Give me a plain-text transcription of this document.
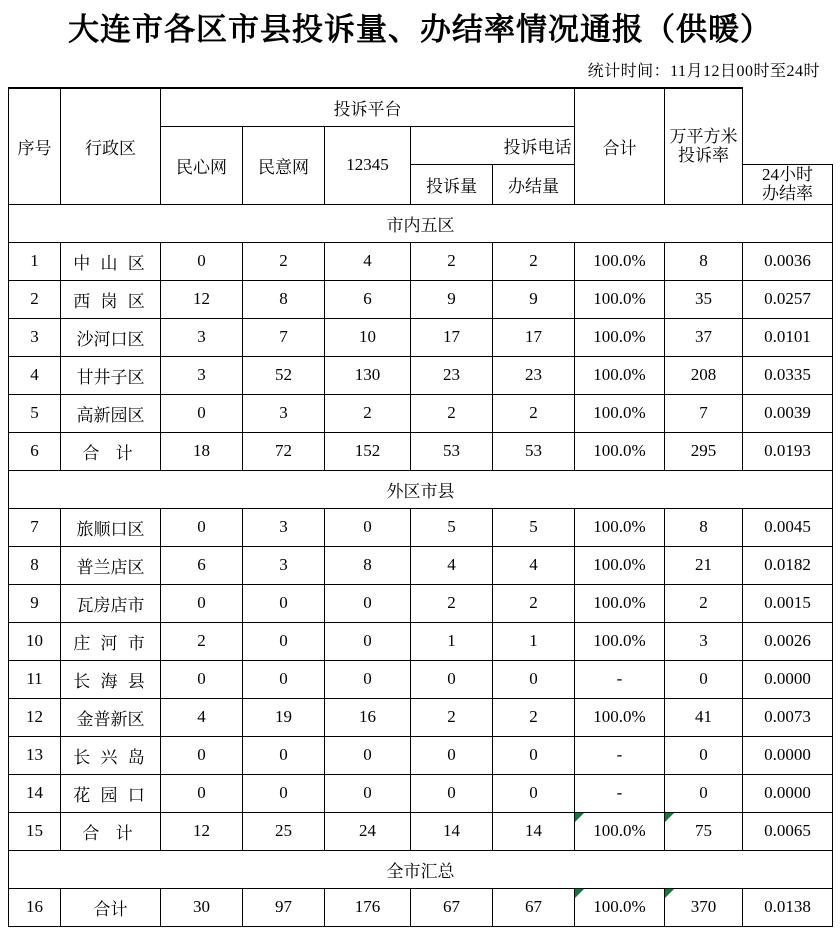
大连市各区市县投诉量、办结率情况通报（供暖）
统计时间：11月12日00时至24时
序号	行政区	投诉平台					合计	万平方米
投诉率	

		民心网	民意网	12345	投诉电话				
					投诉量	办结量			24小时
办结率

市内五区									
1	中 山 区	0	2	4	2	2	100.0%	8	0.0036
2	西 岗 区	12	8	6	9	9	100.0%	35	0.0257
3	沙河口区	3	7	10	17	17	100.0%	37	0.0101
4	甘井子区	3	52	130	23	23	100.0%	208	0.0335
5	高新园区	0	3	2	2	2	100.0%	7	0.0039
6	合 计	18	72	152	53	53	100.0%	295	0.0193
外区市县									
7	旅顺口区	0	3	0	5	5	100.0%	8	0.0045
8	普兰店区	6	3	8	4	4	100.0%	21	0.0182
9	瓦房店市	0	0	0	2	2	100.0%	2	0.0015
10	庄 河 市	2	0	0	1	1	100.0%	3	0.0026
11	长 海 县	0	0	0	0	0	-	0	0.0000
12	金普新区	4	19	16	2	2	100.0%	41	0.0073
13	长 兴 岛	0	0	0	0	0	-	0	0.0000
14	花 园 口	0	0	0	0	0	-	0	0.0000
15	合 计	12	25	24	14	14	100.0%	75	0.0065
全市汇总									
16	合计	30	97	176	67	67	100.0%	370	0.0138
